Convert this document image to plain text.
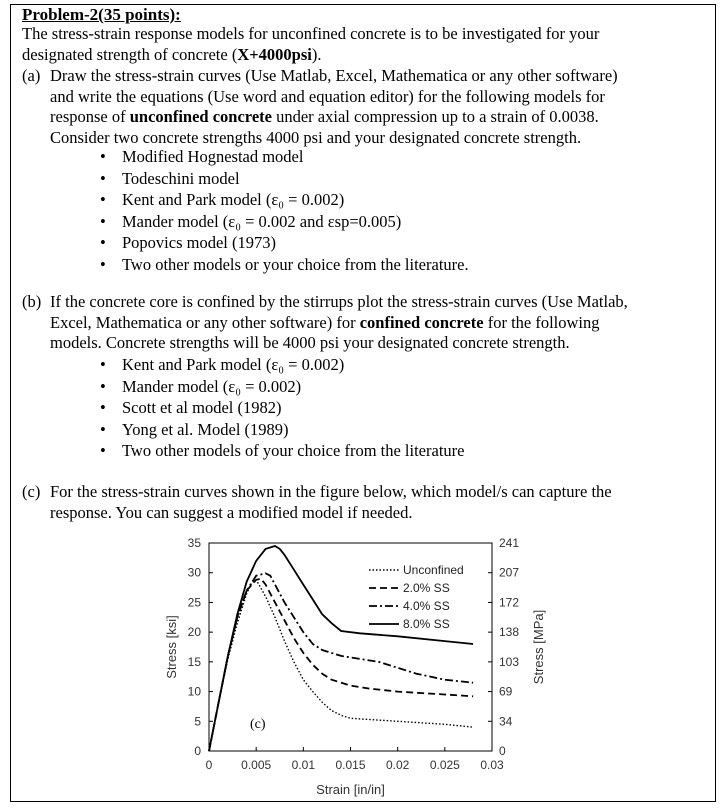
Problem-2(35 points):
The stress-strain response models for unconfined concrete is to be investigated for your
designated strength of concrete (X+4000psi).
(a) Draw the stress-strain curves (Use Matlab, Excel, Mathematica or any other software)
and write the equations (Use word and equation editor) for the following models for
response of unconfined concrete under axial compression up to a strain of 0.0038.
Consider two concrete strengths 4000 psi and your designated concrete strength.
• Modified Hognestad model
• Todeschini model
• Kent and Park model (ε₀ = 0.002)
• Mander model (ε₀ = 0.002 and εsp=0.005)
• Popovics model (1973)
• Two other models or your choice from the literature.
(b) If the concrete core is confined by the stirrups plot the stress-strain curves (Use Matlab,
Excel, Mathematica or any other software) for confined concrete for the following
models. Concrete strengths will be 4000 psi your designated concrete strength.
• Kent and Park model (ε₀ = 0.002)
• Mander model (ε₀ = 0.002)
• Scott et al model (1982)
• Yong et al. Model (1989)
• Two other models of your choice from the literature
(c) For the stress-strain curves shown in the figure below, which model/s can capture the
response. You can suggest a modified model if needed.
0
5
10
15
20
25
30
35
0
34
69
103
138
172
207
241
0 0.005 0.01 0.015 0.02 0.025 0.03
Unconfined
2.0% SS
4.0% SS
8.0% SS
(c)
Strain [in/in]
Stress [ksi]	Stress [MPa]
